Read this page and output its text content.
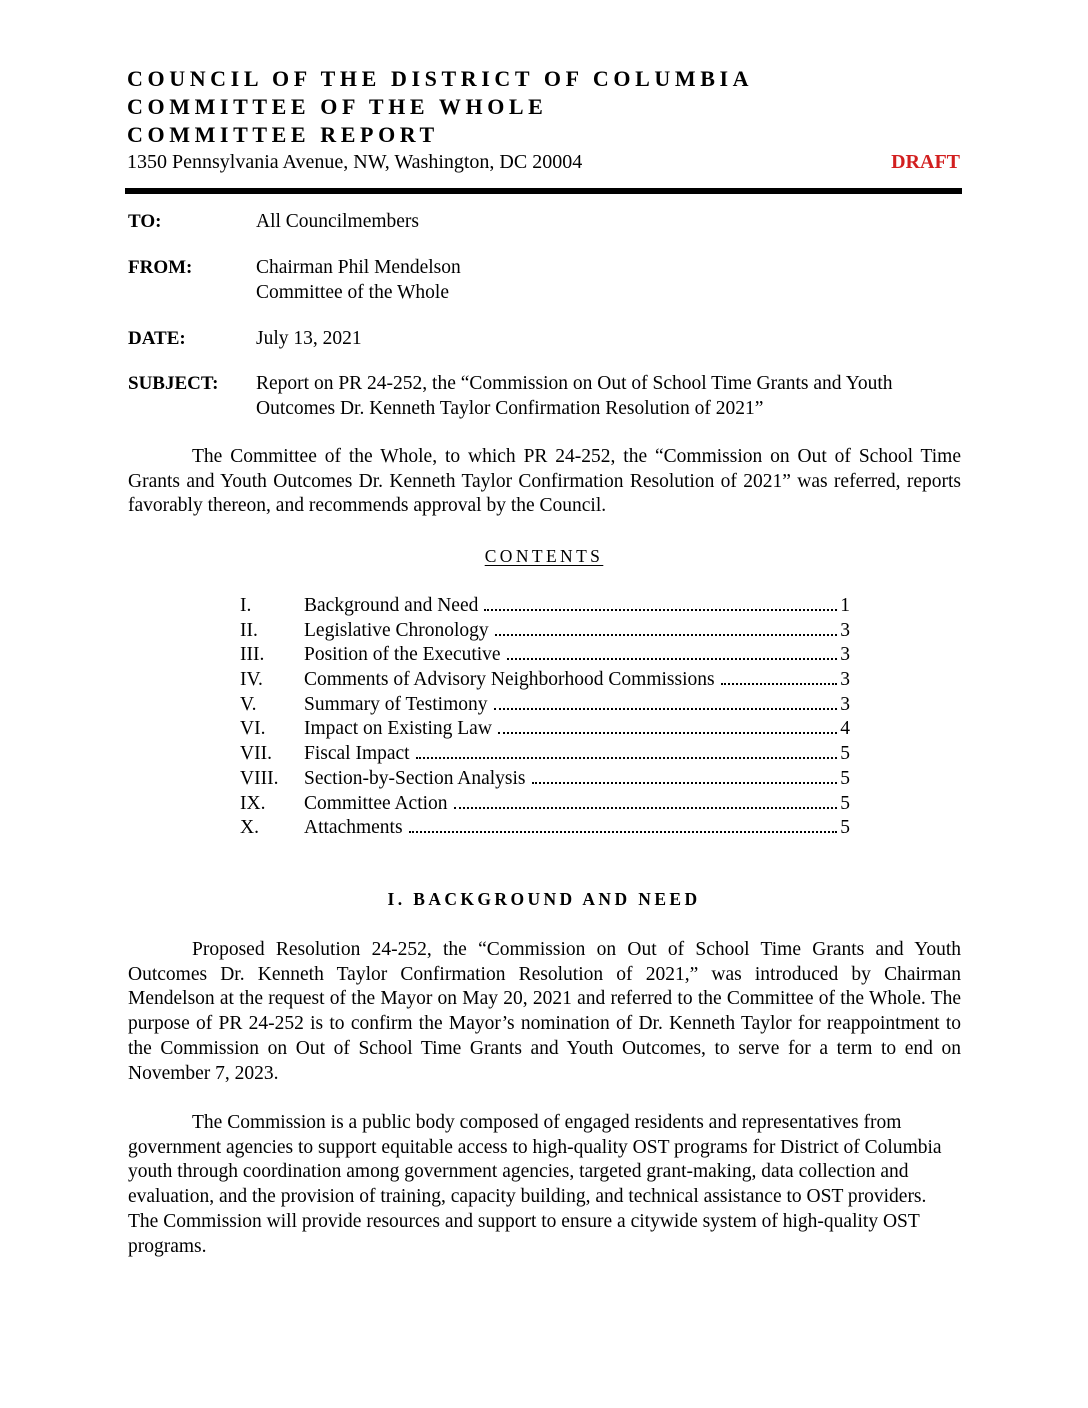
COUNCIL OF THE DISTRICT OF COLUMBIA
COMMITTEE OF THE WHOLE
COMMITTEE REPORT
1350 Pennsylvania Avenue, NW, Washington, DC 20004	DRAFT
TO:	All Councilmembers
FROM:	Chairman Phil Mendelson
Committee of the Whole
DATE:	July 13, 2021
SUBJECT: Report on PR 24-252, the “Commission on Out of School Time Grants and Youth
Outcomes Dr. Kenneth Taylor Confirmation Resolution of 2021”
The Committee of the Whole, to which PR 24-252, the “Commission on Out of School Time Grants and Youth Outcomes Dr. Kenneth Taylor Confirmation Resolution of 2021” was referred, reports favorably thereon, and recommends approval by the Council.
CONTENTS
I.	Background and Need	1
II.	Legislative Chronology	3
III.	Position of the Executive	3
IV.	Comments of Advisory Neighborhood Commissions	3
V.	Summary of Testimony	3
VI.	Impact on Existing Law	4
VII.	Fiscal Impact	5
VIII.	Section-by-Section Analysis	5
IX.	Committee Action	5
X.	Attachments	5
I. BACKGROUND AND NEED
Proposed Resolution 24-252, the “Commission on Out of School Time Grants and Youth Outcomes Dr. Kenneth Taylor Confirmation Resolution of 2021,” was introduced by Chairman Mendelson at the request of the Mayor on May 20, 2021 and referred to the Committee of the Whole. The purpose of PR 24-252 is to confirm the Mayor’s nomination of Dr. Kenneth Taylor for reappointment to the Commission on Out of School Time Grants and Youth Outcomes, to serve for a term to end on November 7, 2023.
The Commission is a public body composed of engaged residents and representatives from government agencies to support equitable access to high-quality OST programs for District of Columbia youth through coordination among government agencies, targeted grant-making, data collection and evaluation, and the provision of training, capacity building, and technical assistance to OST providers. The Commission will provide resources and support to ensure a citywide system of high-quality OST programs.
